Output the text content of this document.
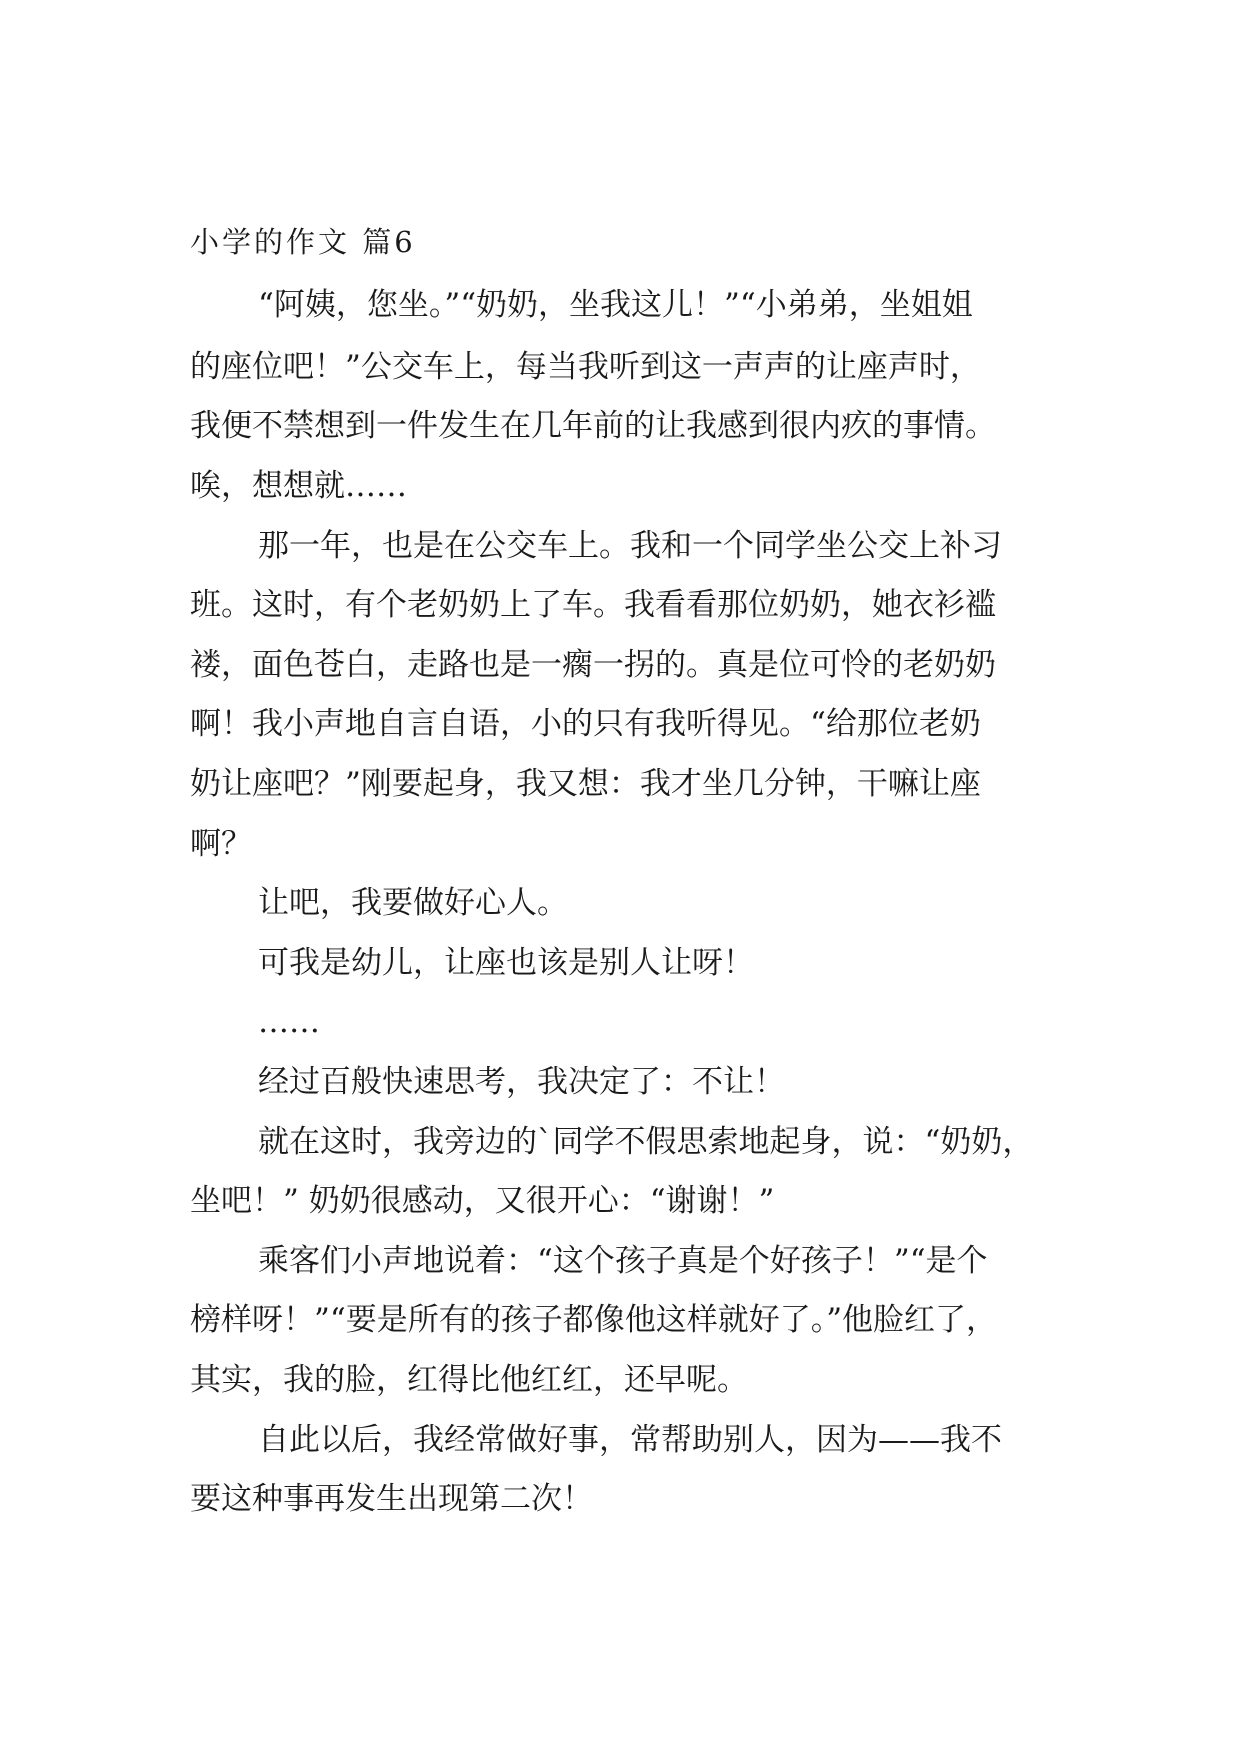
小学的作文 篇6
“阿姨，您坐。”“奶奶，坐我这儿！”“小弟弟，坐姐姐
的座位吧！”公交车上，每当我听到这一声声的让座声时，
我便不禁想到一件发生在几年前的让我感到很内疚的事情。
唉，想想就……
那一年，也是在公交车上。我和一个同学坐公交上补习
班。这时，有个老奶奶上了车。我看看那位奶奶，她衣衫褴
褛，面色苍白，走路也是一瘸一拐的。真是位可怜的老奶奶
啊！我小声地自言自语，小的只有我听得见。“给那位老奶
奶让座吧？”刚要起身，我又想：我才坐几分钟，干嘛让座
啊？
让吧，我要做好心人。
可我是幼儿，让座也该是别人让呀！
……
经过百般快速思考，我决定了：不让！
就在这时，我旁边的`同学不假思索地起身，说：“奶奶，
坐吧！” 奶奶很感动，又很开心：“谢谢！”
乘客们小声地说着：“这个孩子真是个好孩子！”“是个
榜样呀！”“要是所有的孩子都像他这样就好了。”他脸红了，
其实，我的脸，红得比他红红，还早呢。
自此以后，我经常做好事，常帮助别人，因为——我不
要这种事再发生出现第二次！
